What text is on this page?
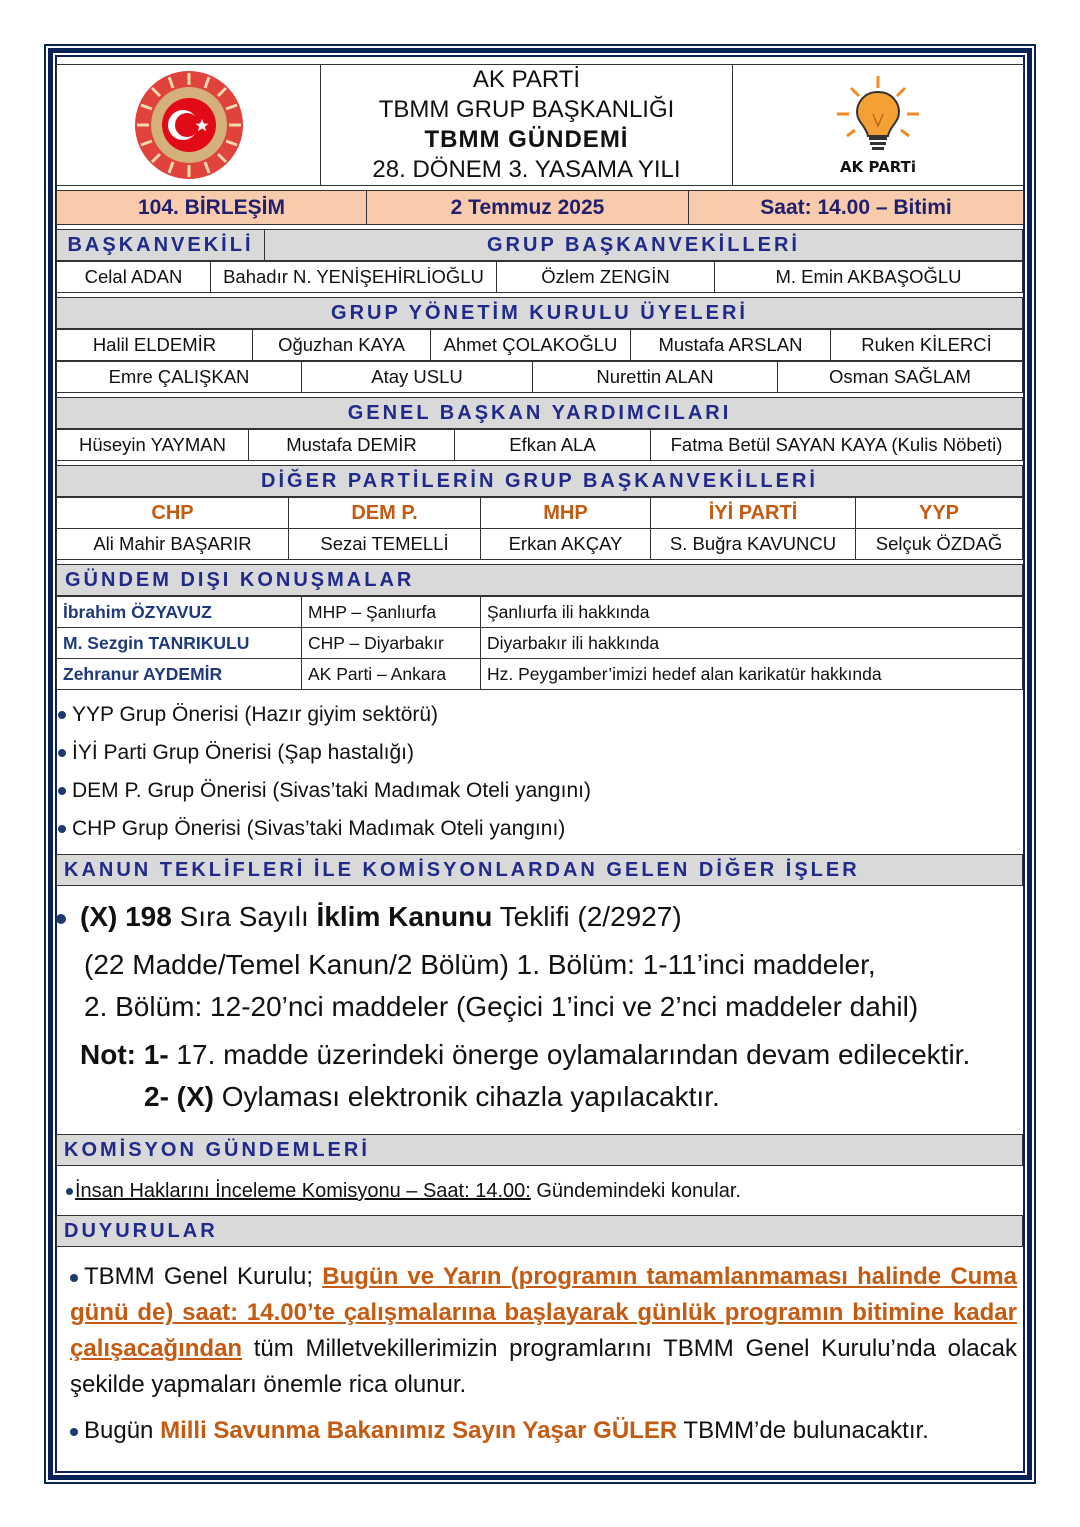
AK PARTİ
TBMM GRUP BAŞKANLIĞI
TBMM GÜNDEMİ
28. DÖNEM 3. YASAMA YILI	AK PARTi
104. BİRLEŞİM	2 Temmuz 2025	Saat: 14.00 – Bitimi
BAŞKANVEKİLİ	GRUP BAŞKANVEKİLLERİ
Celal ADAN	Bahadır N. YENİŞEHİRLİOĞLU	Özlem ZENGİN	M. Emin AKBAŞOĞLU
GRUP YÖNETİM KURULU ÜYELERİ
Halil ELDEMİR	Oğuzhan KAYA	Ahmet ÇOLAKOĞLU	Mustafa ARSLAN	Ruken KİLERCİ
Emre ÇALIŞKAN	Atay USLU	Nurettin ALAN	Osman SAĞLAM
GENEL BAŞKAN YARDIMCILARI
Hüseyin YAYMAN	Mustafa DEMİR	Efkan ALA	Fatma Betül SAYAN KAYA (Kulis Nöbeti)
DİĞER PARTİLERİN GRUP BAŞKANVEKİLLERİ
CHP	DEM P.	MHP	İYİ PARTİ	YYP
Ali Mahir BAŞARIR	Sezai TEMELLİ	Erkan AKÇAY	S. Buğra KAVUNCU	Selçuk ÖZDAĞ
GÜNDEM DIŞI KONUŞMALAR
İbrahim ÖZYAVUZ	MHP – Şanlıurfa	Şanlıurfa ili hakkında
M. Sezgin TANRIKULU	CHP – Diyarbakır	Diyarbakır ili hakkında
Zehranur AYDEMİR	AK Parti – Ankara	Hz. Peygamber’imizi hedef alan karikatür hakkında
YYP Grup Önerisi (Hazır giyim sektörü)
İYİ Parti Grup Önerisi (Şap hastalığı)
DEM P. Grup Önerisi (Sivas’taki Madımak Oteli yangını)
CHP Grup Önerisi (Sivas’taki Madımak Oteli yangını)
KANUN TEKLİFLERİ İLE KOMİSYONLARDAN GELEN DİĞER İŞLER
(X) 198 Sıra Sayılı İklim Kanunu Teklifi (2/2927)
(22 Madde/Temel Kanun/2 Bölüm) 1. Bölüm: 1-11’inci maddeler,
2. Bölüm: 12-20’nci maddeler (Geçici 1’inci ve 2’nci maddeler dahil)
Not: 1- 17. madde üzerindeki önerge oylamalarından devam edilecektir.
2- (X) Oylaması elektronik cihazla yapılacaktır.
KOMİSYON GÜNDEMLERİ
İnsan Haklarını İnceleme Komisyonu – Saat: 14.00: Gündemindeki konular.
DUYURULAR

TBMM Genel Kurulu; Bugün ve Yarın (programın tamamlanmaması halinde Cuma günü de) saat: 14.00’te çalışmalarına başlayarak günlük programın bitimine kadar çalışacağından tüm Milletvekillerimizin programlarını TBMM Genel Kurulu’nda olacak şekilde yapmaları önemle rica olunur.

Bugün Milli Savunma Bakanımız Sayın Yaşar GÜLER TBMM’de bulunacaktır.
